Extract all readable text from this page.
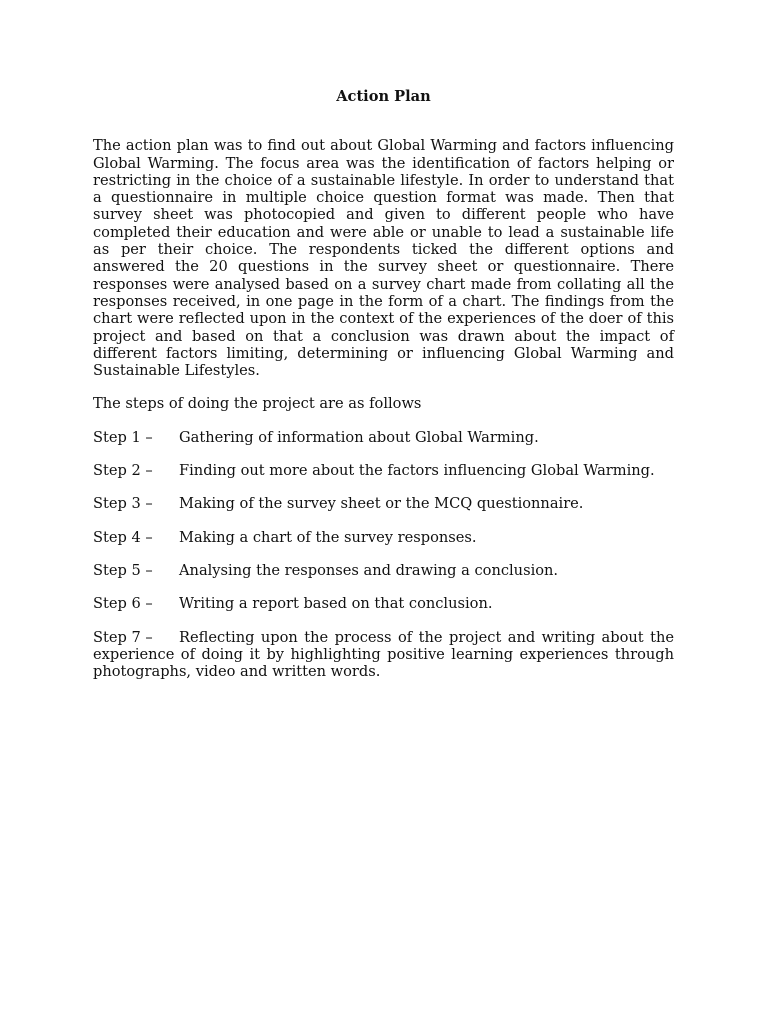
Action Plan

The action plan was to find out about Global Warming and factors influencing Global Warming. The focus area was the identification of factors helping or restricting in the choice of a sustainable lifestyle. In order to understand that a questionnaire in multiple choice question format was made. Then that survey sheet was photocopied and given to different people who have completed their education and were able or unable to lead a sustainable life as per their choice. The respondents ticked the different options and answered the 20 questions in the survey sheet or questionnaire. There responses were analysed based on a survey chart made from collating all the responses received, in one page in the form of a chart. The findings from the chart were reflected upon in the context of the experiences of the doer of this project and based on that a conclusion was drawn about the impact of different factors limiting, determining or influencing Global Warming and Sustainable Lifestyles.

The steps of doing the project are as follows

Step 1 – Gathering of information about Global Warming.

Step 2 – Finding out more about the factors influencing Global Warming.

Step 3 – Making of the survey sheet or the MCQ questionnaire.

Step 4 – Making a chart of the survey responses.

Step 5 – Analysing the responses and drawing a conclusion.

Step 6 – Writing a report based on that conclusion.

Step 7 – Reflecting upon the process of the project and writing about the experience of doing it by highlighting positive learning experiences through photographs, video and written words.
